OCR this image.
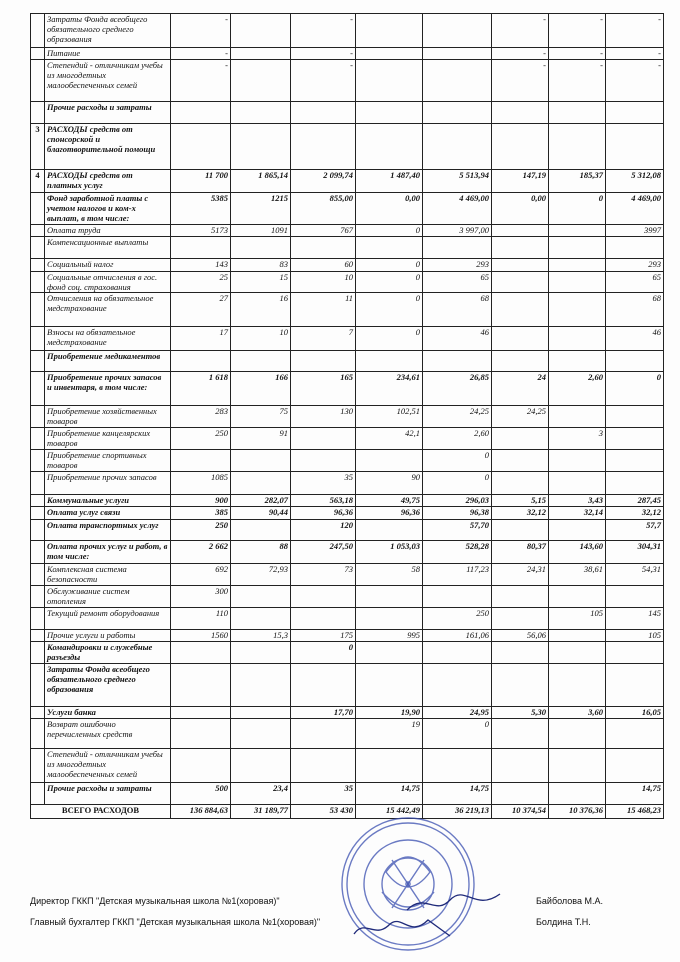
	Затраты Фонда всеобщего обязательного среднего образования	-		-			-	-	-
	Питание	-		-			-	-	-
	Степендий - отличникам учебы из многодетных малообеспеченных семей	-		-			-	-	-
	Прочие расходы и затраты								
3	РАСХОДЫ средств от спонсорской и благотворительной помощи								
4	РАСХОДЫ средств от платных услуг	11 700	1 865,14	2 099,74	1 487,40	5 513,94	147,19	185,37	5 312,08
	Фонд заработной платы с учетом налогов и ком-х выплат, в том числе:	5385	1215	855,00	0,00	4 469,00	0,00	0	4 469,00
	Оплата труда	5173	1091	767	0	3 997,00			3997
	Компенсационные выплаты								
	Социальный налог	143	83	60	0	293			293
	Социальные отчисления в гос. фонд соц. страхования	25	15	10	0	65			65
	Отчисления на обязательное медстрахование	27	16	11	0	68			68
	Взносы на обязательное медстрахование	17	10	7	0	46			46
	Приобретение медикаментов								
	Приобретение прочих запасов и инвентаря, в том числе:	1 618	166	165	234,61	26,85	24	2,60	0
	Приобретение хозяйственных товаров	283	75	130	102,51	24,25	24,25		
	Приобретение канцелярских товаров	250	91		42,1	2,60		3	
	Приобретение спортивных товаров					0			
	Приобретение прочих запасов	1085		35	90	0			
	Коммунальные услуги	900	282,07	563,18	49,75	296,03	5,15	3,43	287,45
	Оплата услуг связи	385	90,44	96,36	96,36	96,38	32,12	32,14	32,12
	Оплата транспортных услуг	250		120		57,70			57,7
	Оплата прочих услуг и работ, в том числе:	2 662	88	247,50	1 053,03	528,28	80,37	143,60	304,31
	Комплексная система безопасности	692	72,93	73	58	117,23	24,31	38,61	54,31
	Обслуживание систем отопления	300							
	Текущий ремонт оборудования	110				250		105	145
	Прочие услуги и работы	1560	15,3	175	995	161,06	56,06		105
	Командировки и служебные разъезды			0					
	Затраты Фонда всеобщего обязательного среднего образования								
	Услуги банка			17,70	19,90	24,95	5,30	3,60	16,05
	Возврат ошибочно перечисленных средств				19	0			
	Степендий - отличникам учебы из многодетных малообеспеченных семей								
	Прочие расходы и затраты	500	23,4	35	14,75	14,75			14,75
ВСЕГО РАСХОДОВ		136 884,63	31 189,77	53 430	15 442,49	36 219,13	10 374,54	10 376,36	15 468,23
Директор ГККП "Детская музыкальная школа №1(хоровая)"	Байболова М.А.
Главный бухгалтер ГККП "Детская музыкальная школа №1(хоровая)"	Болдина Т.Н.
